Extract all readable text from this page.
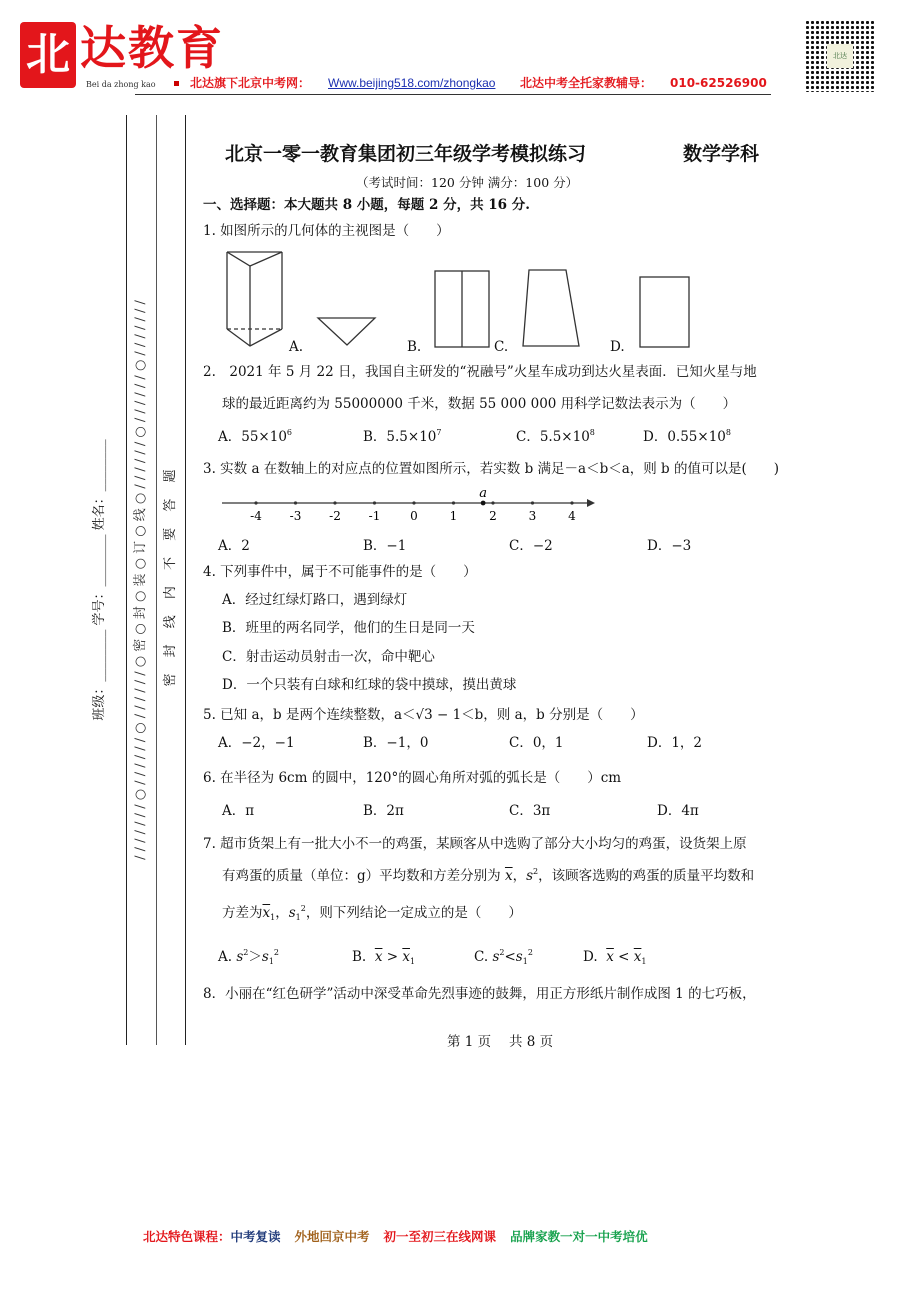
北 达教育
Bei da zhong kao	北达旗下北京中考网： Www.beijing518.com/zhongkao 北达中考全托家教辅导： 010-62526900
北达
/ / / / / / / ○ / / / / / / ○ / / / / / / ○ 密 ○ 封 ○ 装 ○ 订 ○ 线 ○ / / / / / / ○ / / / / / / ○ / / / / / / / 密 封 线 内 不 要 答 题
班级：________ 学号：________ 姓名：________
北京一零一教育集团初三年级学考模拟练习	数学学科
（考试时间：120 分钟 满分：100 分）
一、选择题：本大题共 8 小题，每题 2 分，共 16 分.
1. 如图所示的几何体的主视图是（　　）
A.	B.	C.	D.
2.　2021 年 5 月 22 日，我国自主研发的“祝融号”火星车成功到达火星表面．已知火星与地
球的最近距离约为 55000000 千米，数据 55 000 000 用科学记数法表示为（　　）
A．$55\times 10^6$	B．$5.5\times 10^7$	C．$5.5\times 10^8$	D．$0.55\times 10^8$
3. 实数 a 在数轴上的对应点的位置如图所示，若实数 b 满足－a＜b＜a，则 b 的值可以是(　　)
-4 -3 -2 -1 0	1	2	3	4
a
A．2	B．−1	C．−2	D．−3
4. 下列事件中，属于不可能事件的是（　　）
A．经过红绿灯路口，遇到绿灯
B．班里的两名同学，他们的生日是同一天
C．射击运动员射击一次，命中靶心
D．一个只装有白球和红球的袋中摸球，摸出黄球
5. 已知 a，b 是两个连续整数，a＜√3 − 1＜b，则 a，b 分别是（　　）
A．−2，−1	B．−1，0	C．0，1	D．1，2
6. 在半径为 6cm 的圆中，120°的圆心角所对弧的弧长是（　　）cm
A．π	B．2π	C．3π	D．4π
7. 超市货架上有一批大小不一的鸡蛋，某顾客从中选购了部分大小均匀的鸡蛋，设货架上原
有鸡蛋的质量（单位：g）平均数和方差分别为 $\overline{x}$，$s^2$，该顾客选购的鸡蛋的质量平均数和
方差为$\overline{x}_1$，$s_1^2$，则下列结论一定成立的是（　　）
A. $s^2>s_1^2$	B. $\overline{x} > \overline{x}_1$	C. $s^2<s_1^2$	D. $\overline{x} < \overline{x}_1$
8．小丽在“红色研学”活动中深受革命先烈事迹的鼓舞，用正方形纸片制作成图 1 的七巧板，
第 1 页　 共 8 页
北达特色课程：中考复读 外地回京中考 初一至初三在线网课 品牌家教一对一中考培优
